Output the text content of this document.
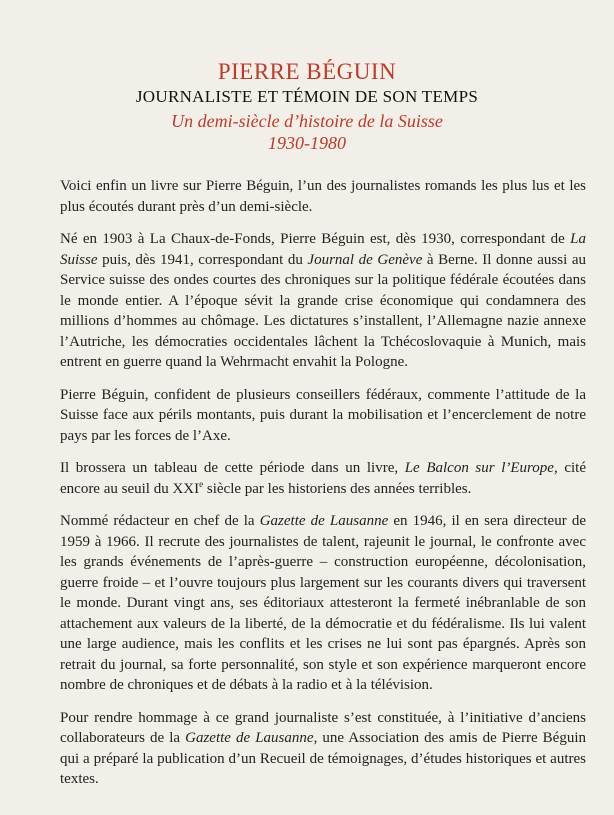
PIERRE BÉGUIN

JOURNALISTE ET TÉMOIN DE SON TEMPS

Un demi-siècle d’histoire de la Suisse

1930-1980

Voici enfin un livre sur Pierre Béguin, l’un des journalistes romands les plus lus et les plus écoutés durant près d’un demi-siècle.

Né en 1903 à La Chaux-de-Fonds, Pierre Béguin est, dès 1930, correspondant de La Suisse puis, dès 1941, correspondant du Journal de Genève à Berne. Il donne aussi au Service suisse des ondes courtes des chroniques sur la politique fédérale écoutées dans le monde entier. A l’époque sévit la grande crise économique qui condamnera des millions d’hommes au chômage. Les dictatures s’installent, l’Allemagne nazie annexe l’Autriche, les démocraties occidentales lâchent la Tchécoslovaquie à Munich, mais entrent en guerre quand la Wehrmacht envahit la Pologne.

Pierre Béguin, confident de plusieurs conseillers fédéraux, commente l’attitude de la Suisse face aux périls montants, puis durant la mobilisation et l’encerclement de notre pays par les forces de l’Axe.

Il brossera un tableau de cette période dans un livre, Le Balcon sur l’Europe, cité encore au seuil du XXIe siècle par les historiens des années terribles.

Nommé rédacteur en chef de la Gazette de Lausanne en 1946, il en sera directeur de 1959 à 1966. Il recrute des journalistes de talent, rajeunit le journal, le confronte avec les grands événements de l’après-guerre – construction européenne, décolonisation, guerre froide – et l’ouvre toujours plus largement sur les courants divers qui traversent le monde. Durant vingt ans, ses éditoriaux attesteront la fermeté inébranlable de son attachement aux valeurs de la liberté, de la démocratie et du fédéralisme. Ils lui valent une large audience, mais les conflits et les crises ne lui sont pas épargnés. Après son retrait du journal, sa forte personnalité, son style et son expérience marqueront encore nombre de chroniques et de débats à la radio et à la télévision.

Pour rendre hommage à ce grand journaliste s’est constituée, à l’initiative d’anciens collaborateurs de la Gazette de Lausanne, une Association des amis de Pierre Béguin qui a préparé la publication d’un Recueil de témoignages, d’études historiques et autres textes.
